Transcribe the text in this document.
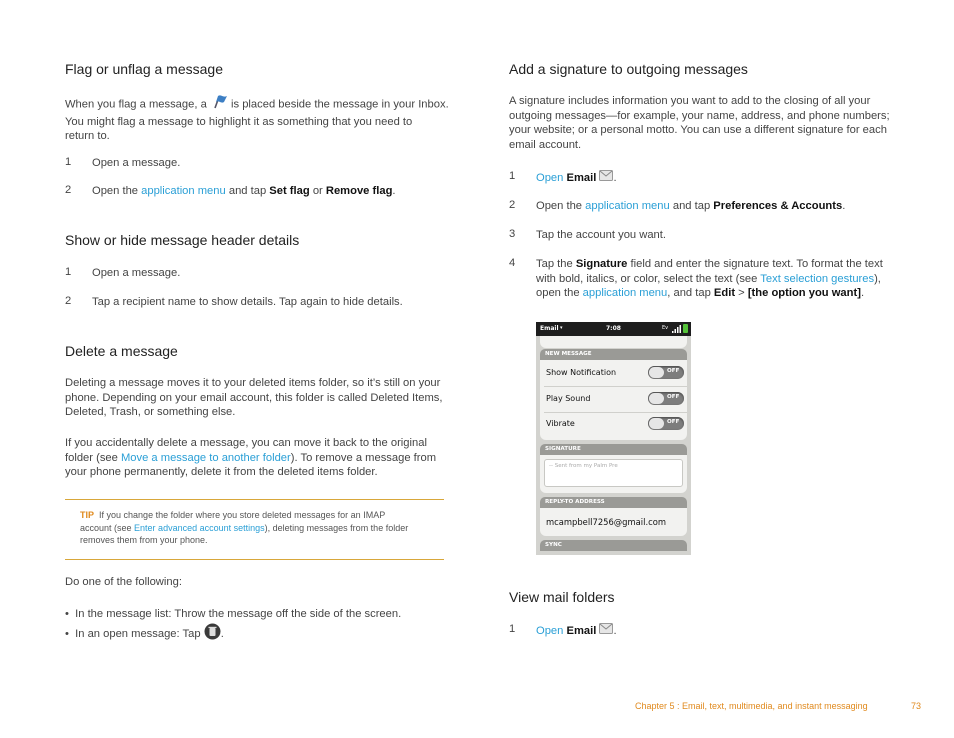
Flag or unflag a message
When you flag a message, a is placed beside the message in your Inbox.
You might flag a message to highlight it as something that you need to
return to.
1 Open a message.
2 Open the application menu and tap Set flag or Remove flag.
Show or hide message header details
1 Open a message.
2 Tap a recipient name to show details. Tap again to hide details.
Delete a message
Deleting a message moves it to your deleted items folder, so it’s still on your
phone. Depending on your email account, this folder is called Deleted Items,
Deleted, Trash, or something else.
If you accidentally delete a message, you can move it back to the original
folder (see Move a message to another folder). To remove a message from
your phone permanently, delete it from the deleted items folder.
TIP If you change the folder where you store deleted messages for an IMAP
account (see Enter advanced account settings), deleting messages from the folder
removes them from your phone.
Do one of the following:
• In the message list: Throw the message off the side of the screen.
• In an open message: Tap .
Add a signature to outgoing messages
A signature includes information you want to add to the closing of all your
outgoing messages—for example, your name, address, and phone numbers;
your website; or a personal motto. You can use a different signature for each
email account.
1 Open Email .
2 Open the application menu and tap Preferences & Accounts.
3 Tap the account you want.
4 Tap the Signature field and enter the signature text. To format the text
with bold, italics, or color, select the text (see Text selection gestures),
open the application menu, and tap Edit > [the option you want].
Email ▾	7:08	Ev
NEW MESSAGE
Show Notification	OFF
Play Sound	OFF
Vibrate	OFF
SIGNATURE
-- Sent from my Palm Pre
REPLY-TO ADDRESS
mcampbell7256@gmail.com
SYNC
View mail folders
1 Open Email .
Chapter 5 : Email, text, multimedia, and instant messaging	73
